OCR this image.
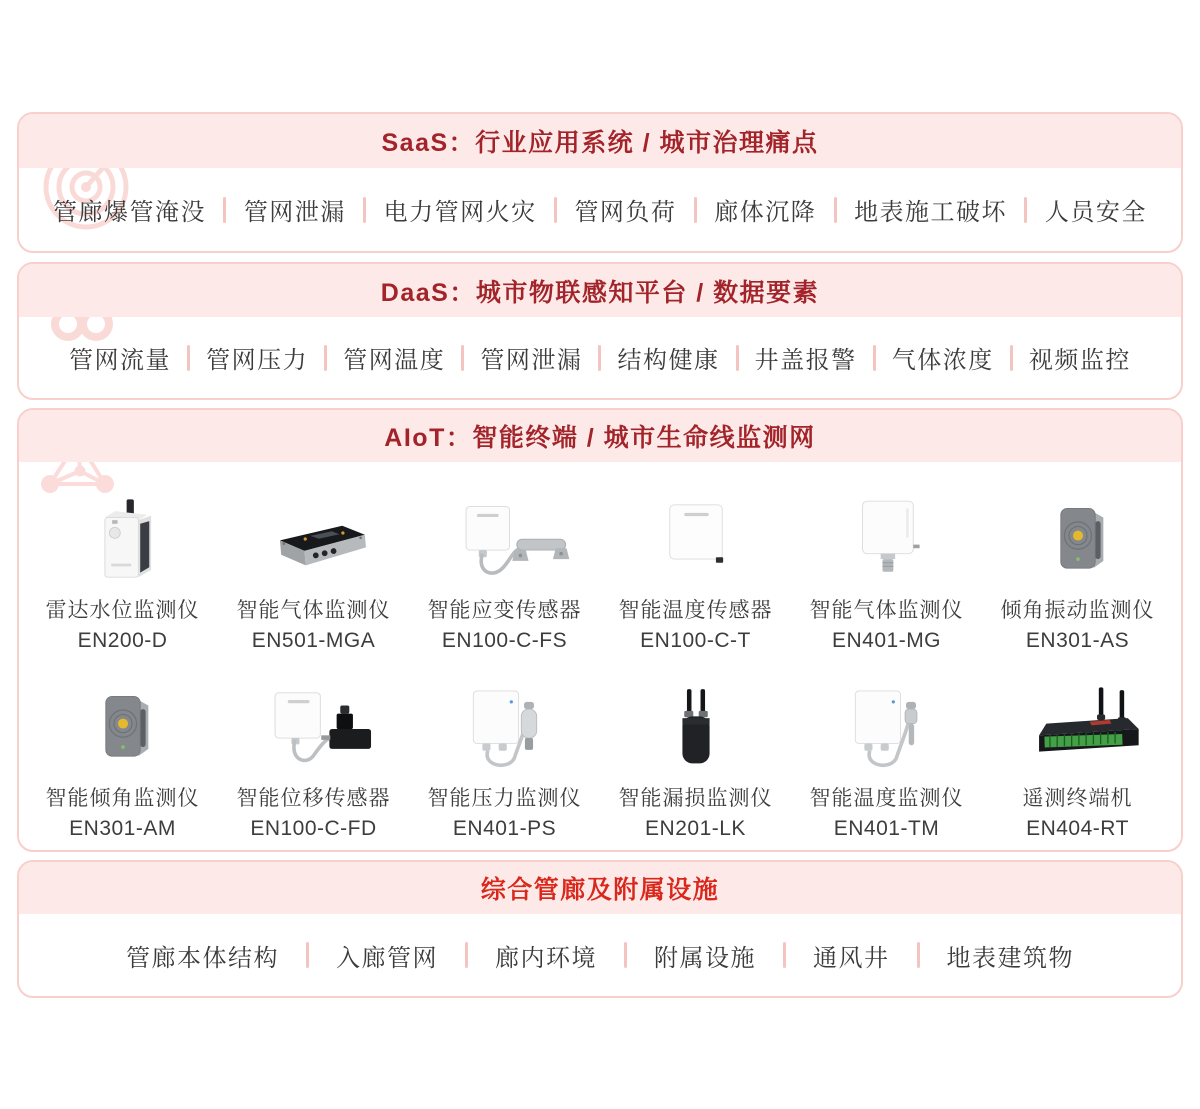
SaaS：行业应用系统 / 城市治理痛点
管廊爆管淹没 管网泄漏 电力管网火灾 管网负荷 廊体沉降 地表施工破坏 人员安全
DaaS：城市物联感知平台 / 数据要素
管网流量 管网压力 管网温度 管网泄漏 结构健康 井盖报警 气体浓度 视频监控
AIoT：智能终端 / 城市生命线监测网
雷达水位监测仪
EN200-D
智能气体监测仪
EN501-MGA
智能应变传感器
EN100-C-FS
智能温度传感器
EN100-C-T
智能气体监测仪
EN401-MG
倾角振动监测仪
EN301-AS
智能倾角监测仪
EN301-AM
智能位移传感器
EN100-C-FD
智能压力监测仪
EN401-PS
智能漏损监测仪
EN201-LK
智能温度监测仪
EN401-TM
遥测终端机
EN404-RT
综合管廊及附属设施
管廊本体结构 入廊管网 廊内环境 附属设施 通风井 地表建筑物
